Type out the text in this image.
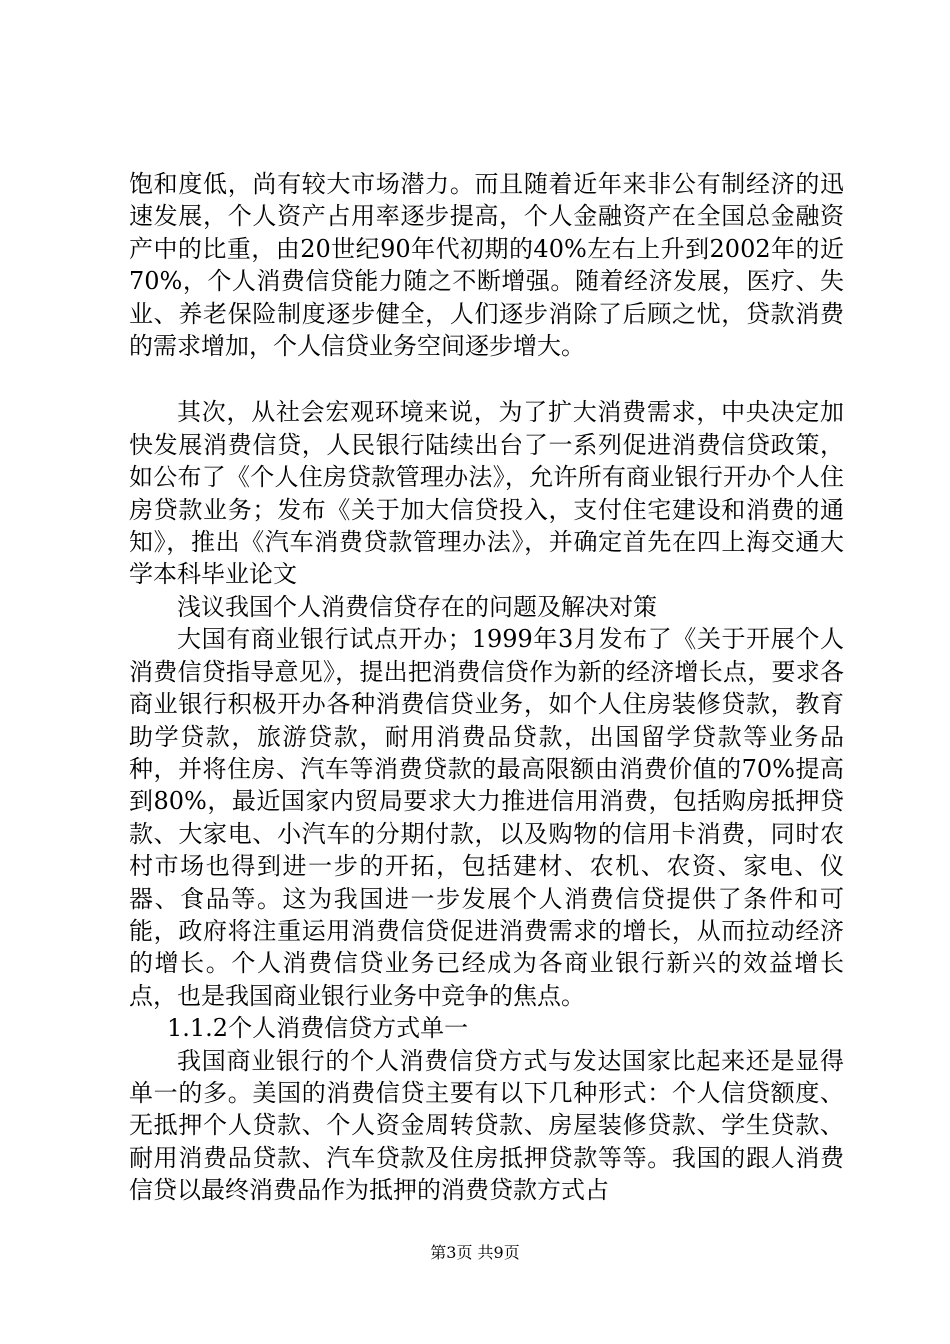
饱和度低，尚有较大市场潜力。而且随着近年来非公有制经济的迅速发展，个人资产占用率逐步提高，个人金融资产在全国总金融资产中的比重，由20世纪90年代初期的40%左右上升到2002年的近70%，个人消费信贷能力随之不断增强。随着经济发展，医疗、失业、养老保险制度逐步健全，人们逐步消除了后顾之忧，贷款消费的需求增加，个人信贷业务空间逐步增大。

其次，从社会宏观环境来说，为了扩大消费需求，中央决定加快发展消费信贷，人民银行陆续出台了一系列促进消费信贷政策，如公布了《个人住房贷款管理办法》，允许所有商业银行开办个人住房贷款业务；发布《关于加大信贷投入，支付住宅建设和消费的通知》，推出《汽车消费贷款管理办法》，并确定首先在四上海交通大学本科毕业论文

浅议我国个人消费信贷存在的问题及解决对策

大国有商业银行试点开办；1999年3月发布了《关于开展个人消费信贷指导意见》，提出把消费信贷作为新的经济增长点，要求各商业银行积极开办各种消费信贷业务，如个人住房装修贷款，教育助学贷款，旅游贷款，耐用消费品贷款，出国留学贷款等业务品种，并将住房、汽车等消费贷款的最高限额由消费价值的70%提高到80%，最近国家内贸局要求大力推进信用消费，包括购房抵押贷款、大家电、小汽车的分期付款，以及购物的信用卡消费，同时农村市场也得到进一步的开拓，包括建材、农机、农资、家电、仪器、食品等。这为我国进一步发展个人消费信贷提供了条件和可能，政府将注重运用消费信贷促进消费需求的增长，从而拉动经济的增长。个人消费信贷业务已经成为各商业银行新兴的效益增长点，也是我国商业银行业务中竞争的焦点。

1.1.2个人消费信贷方式单一

我国商业银行的个人消费信贷方式与发达国家比起来还是显得单一的多。美国的消费信贷主要有以下几种形式：个人信贷额度、无抵押个人贷款、个人资金周转贷款、房屋装修贷款、学生贷款、耐用消费品贷款、汽车贷款及住房抵押贷款等等。我国的跟人消费信贷以最终消费品作为抵押的消费贷款方式占

第3页 共9页
